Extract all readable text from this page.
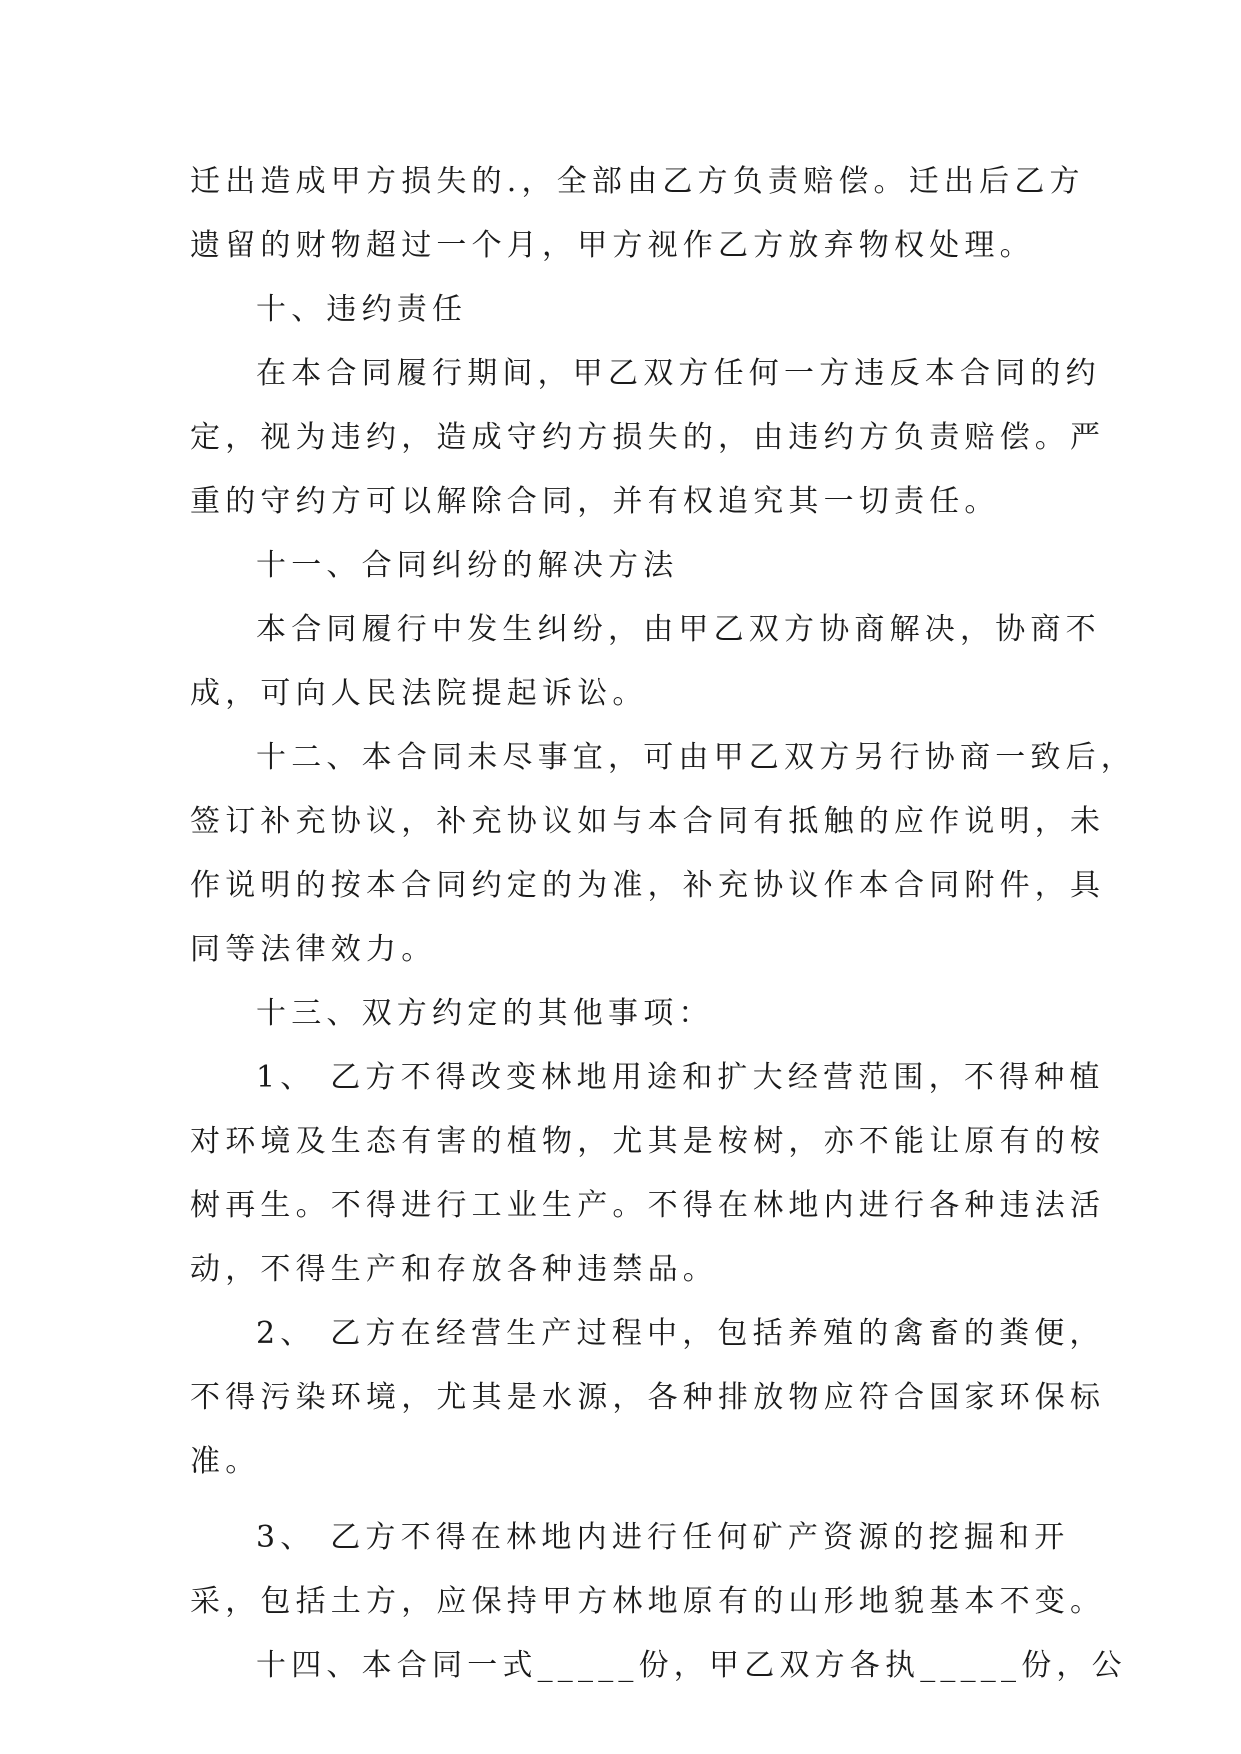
迁出造成甲方损失的.，全部由乙方负责赔偿。迁出后乙方

遗留的财物超过一个月，甲方视作乙方放弃物权处理。

十、违约责任

在本合同履行期间，甲乙双方任何一方违反本合同的约

定，视为违约，造成守约方损失的，由违约方负责赔偿。严

重的守约方可以解除合同，并有权追究其一切责任。

十一、合同纠纷的解决方法

本合同履行中发生纠纷，由甲乙双方协商解决，协商不

成，可向人民法院提起诉讼。

十二、本合同未尽事宜，可由甲乙双方另行协商一致后，

签订补充协议，补充协议如与本合同有抵触的应作说明，未

作说明的按本合同约定的为准，补充协议作本合同附件，具

同等法律效力。

十三、双方约定的其他事项：

1、 乙方不得改变林地用途和扩大经营范围，不得种植

对环境及生态有害的植物，尤其是桉树，亦不能让原有的桉

树再生。不得进行工业生产。不得在林地内进行各种违法活

动，不得生产和存放各种违禁品。

2、 乙方在经营生产过程中，包括养殖的禽畜的粪便，

不得污染环境，尤其是水源，各种排放物应符合国家环保标

准。

3、 乙方不得在林地内进行任何矿产资源的挖掘和开

采，包括土方，应保持甲方林地原有的山形地貌基本不变。

十四、本合同一式_____份，甲乙双方各执_____份，公
